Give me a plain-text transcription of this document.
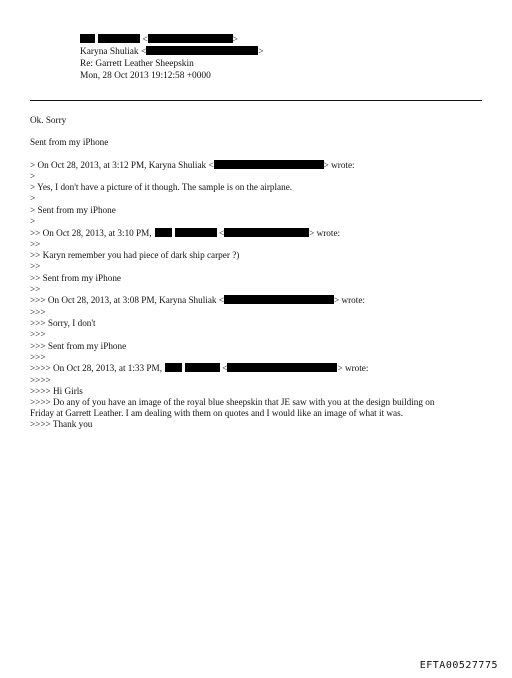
<	>
Karyna Shuliak <	>
Re: Garrett Leather Sheepskin
Mon, 28 Oct 2013 19:12:58 +0000
Ok. Sorry
Sent from my iPhone
> On Oct 28, 2013, at 3:12 PM, Karyna Shuliak <	> wrote:
>
> Yes, I don't have a picture of it though. The sample is on the airplane.
>
> Sent from my iPhone
>
>> On Oct 28, 2013, at 3:10 PM,	<	> wrote:
>>
>> Karyn remember you had piece of dark ship carper ?)
>>
>> Sent from my iPhone
>>
>>> On Oct 28, 2013, at 3:08 PM, Karyna Shuliak <	> wrote:
>>>
>>> Sorry, I don't
>>>
>>> Sent from my iPhone
>>>
>>>> On Oct 28, 2013, at 1:33 PM,	<	> wrote:
>>>>
>>>> Hi Girls
>>>> Do any of you have an image of the royal blue sheepskin that JE saw with you at the design building on
Friday at Garrett Leather. I am dealing with them on quotes and I would like an image of what it was.
>>>> Thank you
EFTA00527775
